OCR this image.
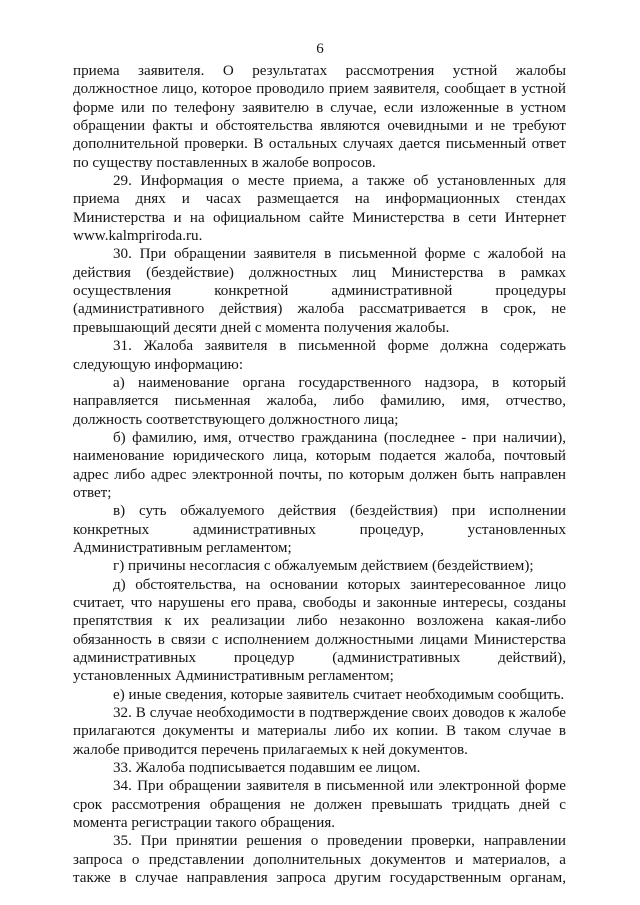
6

приема заявителя. О результатах рассмотрения устной жалобы

должностное лицо, которое проводило прием заявителя, сообщает в устной

форме или по телефону заявителю в случае, если изложенные в устном

обращении факты и обстоятельства являются очевидными и не требуют

дополнительной проверки. В остальных случаях дается письменный ответ

по существу поставленных в жалобе вопросов.

29. Информация о месте приема, а также об установленных для

приема днях и часах размещается на информационных стендах

Министерства и на официальном сайте Министерства в сети Интернет

www.kalmpriroda.ru.

30. При обращении заявителя в письменной форме с жалобой на

действия (бездействие) должностных лиц Министерства в рамках

осуществления конкретной административной процедуры

(административного действия) жалоба рассматривается в срок, не

превышающий десяти дней с момента получения жалобы.

31. Жалоба заявителя в письменной форме должна содержать

следующую информацию:

а) наименование органа государственного надзора, в который

направляется письменная жалоба, либо фамилию, имя, отчество,

должность соответствующего должностного лица;

б) фамилию, имя, отчество гражданина (последнее - при наличии),

наименование юридического лица, которым подается жалоба, почтовый

адрес либо адрес электронной почты, по которым должен быть направлен

ответ;

в) суть обжалуемого действия (бездействия) при исполнении

конкретных административных процедур, установленных

Административным регламентом;

г) причины несогласия с обжалуемым действием (бездействием);

д) обстоятельства, на основании которых заинтересованное лицо

считает, что нарушены его права, свободы и законные интересы, созданы

препятствия к их реализации либо незаконно возложена какая-либо

обязанность в связи с исполнением должностными лицами Министерства

административных процедур (административных действий),

установленных Административным регламентом;

е) иные сведения, которые заявитель считает необходимым сообщить.

32. В случае необходимости в подтверждение своих доводов к жалобе

прилагаются документы и материалы либо их копии. В таком случае в

жалобе приводится перечень прилагаемых к ней документов.

33. Жалоба подписывается подавшим ее лицом.

34. При обращении заявителя в письменной или электронной форме

срок рассмотрения обращения не должен превышать тридцать дней с

момента регистрации такого обращения.

35. При принятии решения о проведении проверки, направлении

запроса о представлении дополнительных документов и материалов, а

также в случае направления запроса другим государственным органам,
